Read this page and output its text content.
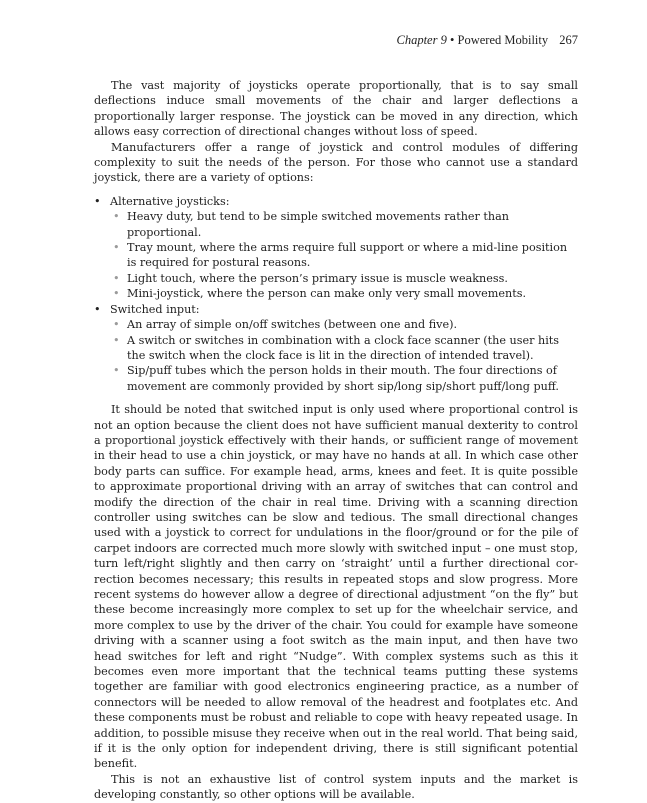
Chapter 9 • Powered Mobility 267

The vast majority of joysticks operate proportionally, that is to say small deflections induce small movements of the chair and larger deflections a proportionally larger response. The joystick can be moved in any direction, which allows easy correction of directional changes without loss of speed.

Manufacturers offer a range of joystick and control modules of differing complexity to suit the needs of the person. For those who cannot use a standard joystick, there are a variety of options:

• Alternative joysticks:
• Heavy duty, but tend to be simple switched movements rather than proportional.
• Tray mount, where the arms require full support or where a mid-line position is required for postural reasons.
• Light touch, where the person’s primary issue is muscle weakness.
• Mini-joystick, where the person can make only very small movements.
• Switched input:
• An array of simple on/off switches (between one and five).
• A switch or switches in combination with a clock face scanner (the user hits the switch when the clock face is lit in the direction of intended travel).
• Sip/puff tubes which the person holds in their mouth. The four directions of movement are commonly provided by short sip/long sip/short puff/long puff.

It should be noted that switched input is only used where proportional control is not an option because the client does not have sufficient manual dexterity to control a proportional joystick effectively with their hands, or sufficient range of movement in their head to use a chin joystick, or may have no hands at all. In which case other body parts can suffice. For example head, arms, knees and feet. It is quite possible to approximate proportional driving with an array of switches that can control and modify the direction of the chair in real time. Driving with a scanning direction controller using switches can be slow and tedious. The small directional changes used with a joystick to correct for undulations in the floor/ground or for the pile of carpet indoors are corrected much more slowly with switched input – one must stop, turn left/right slightly and then carry on ‘straight’ until a further directional correction becomes necessary; this results in repeated stops and slow progress. More recent systems do however allow a degree of directional adjustment “on the fly” but these become increasingly more complex to set up for the wheelchair service, and more complex to use by the driver of the chair. You could for example have someone driving with a scanner using a foot switch as the main input, and then have two head switches for left and right “Nudge”. With complex systems such as this it becomes even more important that the technical teams putting these systems together are familiar with good electronics engineering practice, as a number of connectors will be needed to allow removal of the headrest and footplates etc. And these components must be robust and reliable to cope with heavy repeated usage. In addition, to possible misuse they receive when out in the real world. That being said, if it is the only option for independent driving, there is still significant potential benefit.

This is not an exhaustive list of control system inputs and the market is developing constantly, so other options will be available.
